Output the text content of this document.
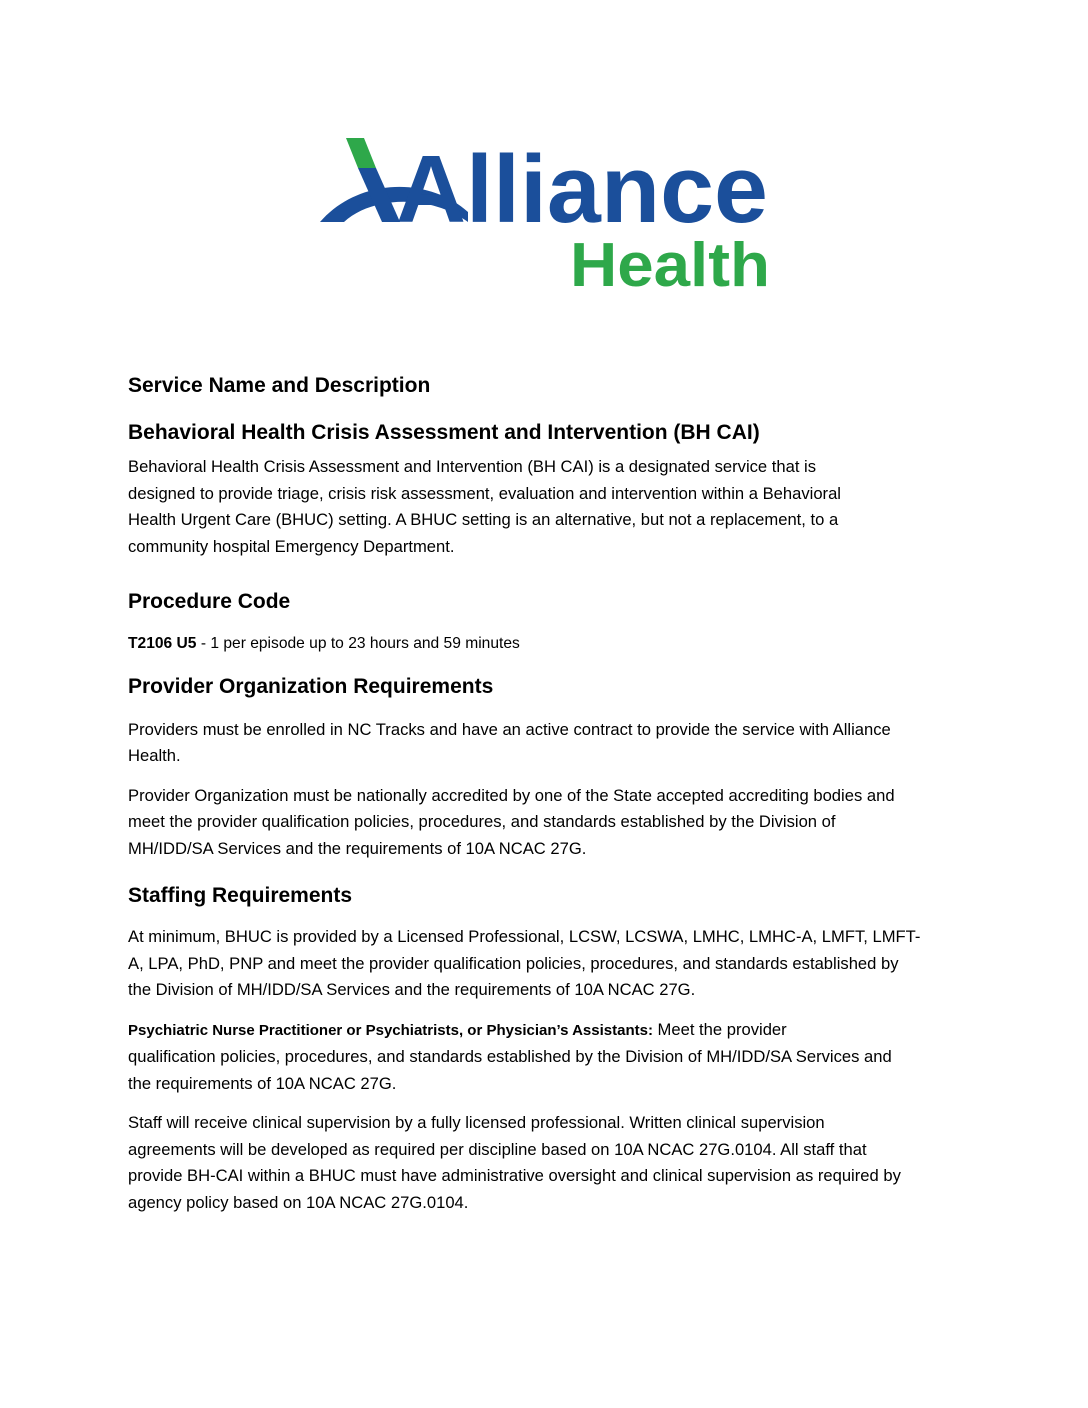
Alliance
Health
Service Name and Description
Behavioral Health Crisis Assessment and Intervention (BH CAI)

Behavioral Health Crisis Assessment and Intervention (BH CAI) is a designated service that is
designed to provide triage, crisis risk assessment, evaluation and intervention within a Behavioral
Health Urgent Care (BHUC) setting. A BHUC setting is an alternative, but not a replacement, to a
community hospital Emergency Department.

Procedure Code

T2106 U5 - 1 per episode up to 23 hours and 59 minutes

Provider Organization Requirements

Providers must be enrolled in NC Tracks and have an active contract to provide the service with Alliance
Health.

Provider Organization must be nationally accredited by one of the State accepted accrediting bodies and
meet the provider qualification policies, procedures, and standards established by the Division of
MH/IDD/SA Services and the requirements of 10A NCAC 27G.

Staffing Requirements

At minimum, BHUC is provided by a Licensed Professional, LCSW, LCSWA, LMHC, LMHC-A, LMFT, LMFT-
A, LPA, PhD, PNP and meet the provider qualification policies, procedures, and standards established by
the Division of MH/IDD/SA Services and the requirements of 10A NCAC 27G.

Psychiatric Nurse Practitioner or Psychiatrists, or Physician’s Assistants: Meet the provider
qualification policies, procedures, and standards established by the Division of MH/IDD/SA Services and
the requirements of 10A NCAC 27G.

Staff will receive clinical supervision by a fully licensed professional. Written clinical supervision
agreements will be developed as required per discipline based on 10A NCAC 27G.0104. All staff that
provide BH-CAI within a BHUC must have administrative oversight and clinical supervision as required by
agency policy based on 10A NCAC 27G.0104.
